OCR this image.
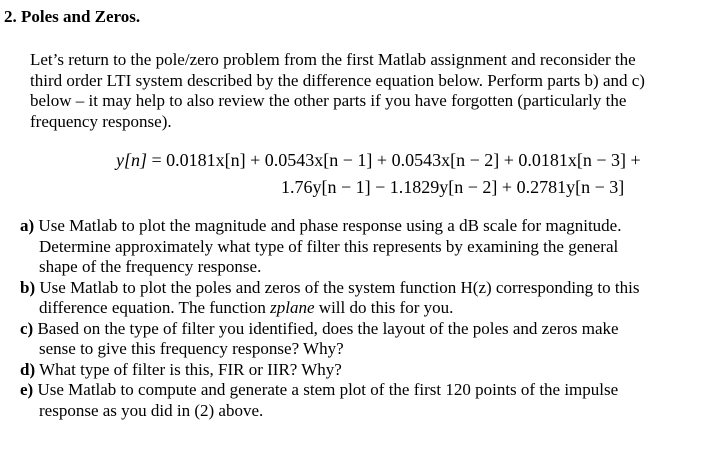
2. Poles and Zeros.
Let’s return to the pole/zero problem from the first Matlab assignment and reconsider the
third order LTI system described by the difference equation below. Perform parts b) and c)
below – it may help to also review the other parts if you have forgotten (particularly the
frequency response).
y[n] = 0.0181x[n] + 0.0543x[n − 1] + 0.0543x[n − 2] + 0.0181x[n − 3] +
1.76y[n − 1] − 1.1829y[n − 2] + 0.2781y[n − 3]
a) Use Matlab to plot the magnitude and phase response using a dB scale for magnitude.
Determine approximately what type of filter this represents by examining the general
shape of the frequency response.
b) Use Matlab to plot the poles and zeros of the system function H(z) corresponding to this
difference equation. The function zplane will do this for you.
c) Based on the type of filter you identified, does the layout of the poles and zeros make
sense to give this frequency response? Why?
d) What type of filter is this, FIR or IIR? Why?
e) Use Matlab to compute and generate a stem plot of the first 120 points of the impulse
response as you did in (2) above.
